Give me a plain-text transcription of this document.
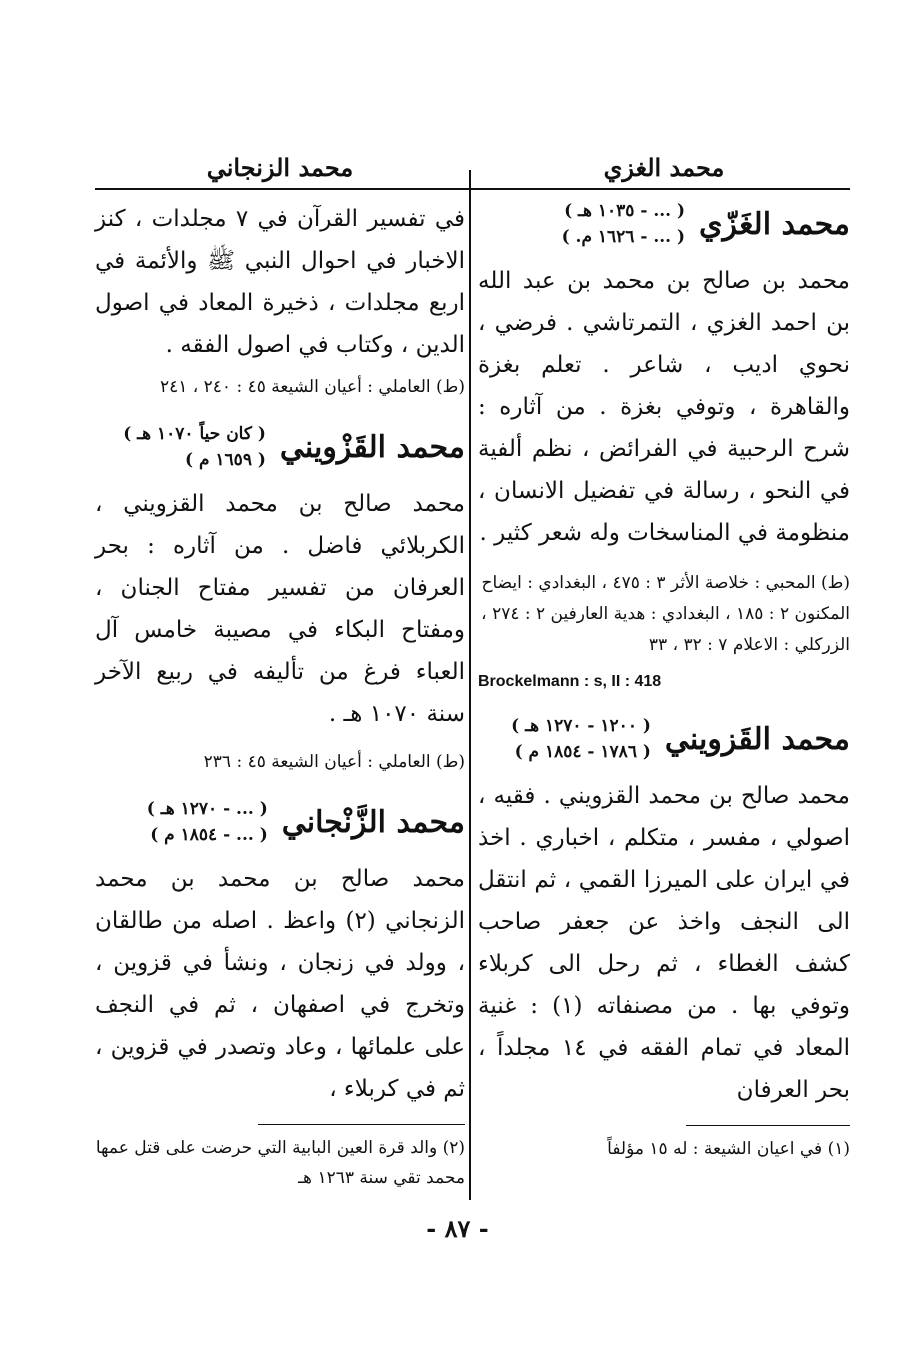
محمد الغزي
محمد الغَزّي
( ... - ١٠٣٥ هـ )
( ... - ١٦٢٦ م. )
محمد بن صالح بن محمد بن عبد الله بن احمد الغزي ، التمرتاشي . فرضي ، نحوي اديب ، شاعر . تعلم بغزة والقاهرة ، وتوفي بغزة . من آثاره : شرح الرحبية في الفرائض ، نظم ألفية في النحو ، رسالة في تفضيل الانسان ، منظومة في المناسخات وله شعر كثير .
(ط) المحبي : خلاصة الأثر ٣ : ٤٧٥ ، البغدادي : ايضاح المكنون ٢ : ١٨٥ ، البغدادي : هدية العارفين ٢ : ٢٧٤ ، الزركلي : الاعلام ٧ : ٣٢ ، ٣٣
Brockelmann : s, II : 418
محمد القَزويني
( ١٢٠٠ - ١٢٧٠ هـ )
( ١٧٨٦ - ١٨٥٤ م )
محمد صالح بن محمد القزويني . فقيه ، اصولي ، مفسر ، متكلم ، اخباري . اخذ في ايران على الميرزا القمي ، ثم انتقل الى النجف واخذ عن جعفر صاحب كشف الغطاء ، ثم رحل الى كربلاء وتوفي بها . من مصنفاته (١) : غنية المعاد في تمام الفقه في ١٤ مجلداً ، بحر العرفان
(١) في اعيان الشيعة : له ١٥ مؤلفاً
محمد الزنجاني
في تفسير القرآن في ٧ مجلدات ، كنز الاخبار في احوال النبي ﷺ والأئمة في اربع مجلدات ، ذخيرة المعاد في اصول الدين ، وكتاب في اصول الفقه .
(ط) العاملي : أعيان الشيعة ٤٥ : ٢٤٠ ، ٢٤١
محمد القَزْويني
( كان حياً ١٠٧٠ هـ )
( ١٦٥٩ م )
محمد صالح بن محمد القزويني ، الكربلائي فاضل . من آثاره : بحر العرفان من تفسير مفتاح الجنان ، ومفتاح البكاء في مصيبة خامس آل العباء فرغ من تأليفه في ربيع الآخر سنة ١٠٧٠ هـ .
(ط) العاملي : أعيان الشيعة ٤٥ : ٢٣٦
محمد الزَّنْجاني
( ... - ١٢٧٠ هـ )
( ... - ١٨٥٤ م )
محمد صالح بن محمد بن محمد الزنجاني (٢) واعظ . اصله من طالقان ، وولد في زنجان ، ونشأ في قزوين ، وتخرج في اصفهان ، ثم في النجف على علمائها ، وعاد وتصدر في قزوين ، ثم في كربلاء ،
(٢) والد قرة العين البابية التي حرضت على قتل عمها محمد تقي سنة ١٢٦٣ هـ
- ٨٧ -
